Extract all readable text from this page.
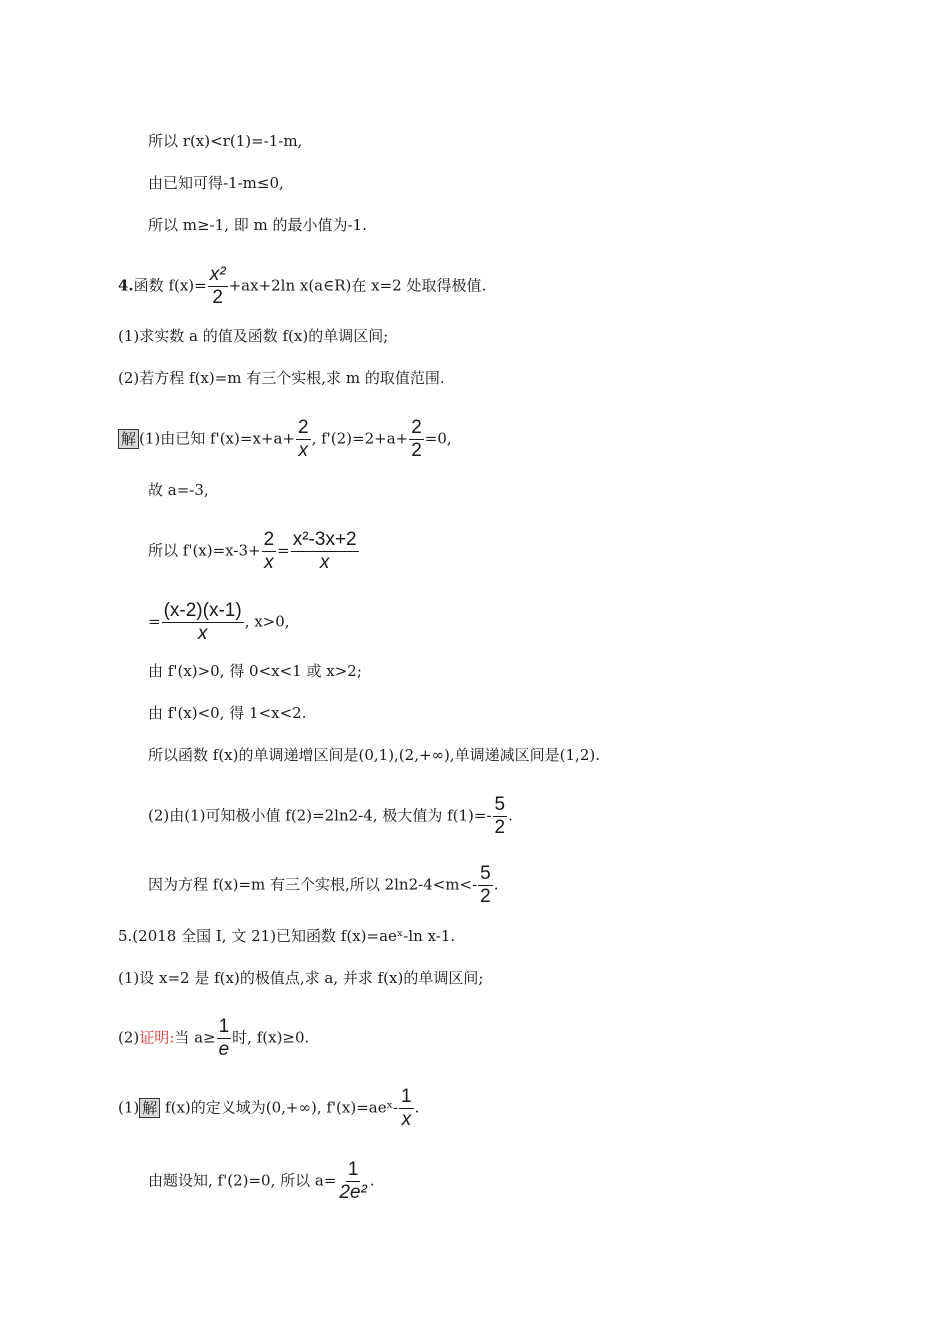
所以 r(x)<r(1)=-1-m,
由已知可得-1-m≤0,
所以 m≥-1, 即 m 的最小值为-1.
4.函数 $f(x)= \frac{\text{x²}}{2} +ax+2\ln$ x(a∈R)在 x=2 处取得极值.
(1)求实数 a 的值及函数 f(x)的单调区间;
(2)若方程 f(x)=m 有三个实根,求 m 的取值范围.
解 (1)由已知 $f'(x)=x+a+ \frac{2}{x}$ , $f'(2)=2+a+ \frac{2}{2} =0$,
故 a=-3,
所以 $f'(x)=x-3+ \frac{2}{x} = \frac{\text{x²-3x+2}}{x}$
= $\frac{(x-2)(x-1)}{x}$ , x>0,
由 f'(x)>0, 得 0<x<1 或 x>2;
由 f'(x)<0, 得 1<x<2.
所以函数 f(x)的单调递增区间是(0,1),(2,+∞),单调递减区间是(1,2).
(2)由(1)可知极小值 f(2)=2ln2-4, 极大值为 $f(1)=- \frac{5}{2}$ .
因为方程 f(x)=m 有三个实根,所以 $2\ln 2-4<m<- \frac{5}{2}$ .
5.(2018 全国 I, 文 21)已知函数 f(x)=aeˣ-ln x-1.
(1)设 x=2 是 f(x)的极值点,求 a, 并求 f(x)的单调区间;
(2)证明:当 $a\ge \frac{1}{e}$ 时, f(x)≥0.
(1) 解 f(x)的定义域为(0,+∞), f'(x)=aeˣ- $\frac{1}{x}$ .
由题设知, f'(2)=0, 所以 $a= \frac{1}{\text{2e²}}$ .
